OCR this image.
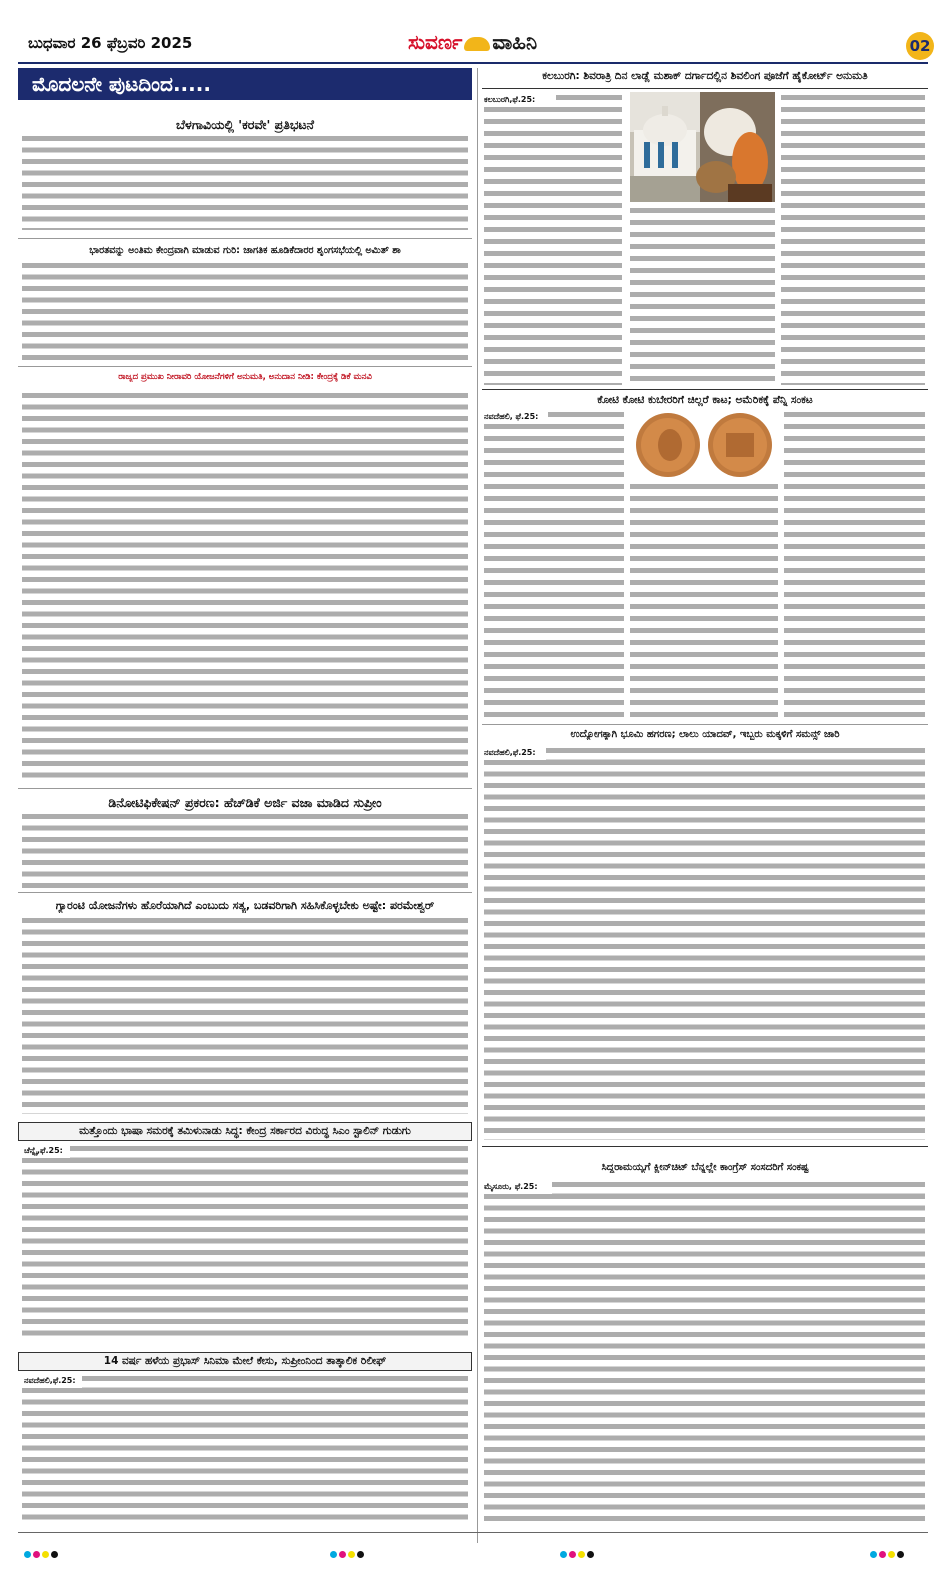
ಬುಧವಾರ 26 ಫೆಬ್ರವರಿ 2025	ಸುವರ್ಣ ವಾಹಿನಿ	02
ಮೊದಲನೇ ಪುಟದಿಂದ.....
ಬೆಳಗಾವಿಯಲ್ಲಿ 'ಕರವೇ' ಪ್ರತಿಭಟನೆ
ಭಾರತವನ್ನು ಅಂತಿಮ ಕೇಂದ್ರವಾಗಿ ಮಾಡುವ ಗುರಿ: ಜಾಗತಿಕ ಹೂಡಿಕೆದಾರರ ಶೃಂಗಸಭೆಯಲ್ಲಿ ಅಮಿತ್ ಶಾ
ರಾಜ್ಯದ ಪ್ರಮುಖ ನೀರಾವರಿ ಯೋಜನೆಗಳಿಗೆ ಅನುಮತಿ, ಅನುದಾನ ನೀಡಿ: ಕೇಂದ್ರಕ್ಕೆ ಡಿಕೆ ಮನವಿ
ಡಿನೋಟಿಫಿಕೇಷನ್ ಪ್ರಕರಣ: ಹೆಚ್‌ಡಿಕೆ ಅರ್ಜಿ ವಜಾ ಮಾಡಿದ ಸುಪ್ರೀಂ
ಗ್ಯಾರಂಟಿ ಯೋಜನೆಗಳು ಹೊರೆಯಾಗಿದೆ ಎಂಬುದು ಸತ್ಯ, ಬಡವರಿಗಾಗಿ ಸಹಿಸಿಕೊಳ್ಳಬೇಕು ಅಷ್ಟೇ: ಪರಮೇಶ್ವರ್
ಮತ್ತೊಂದು ಭಾಷಾ ಸಮರಕ್ಕೆ ತಮಿಳುನಾಡು ಸಿದ್ಧ: ಕೇಂದ್ರ ಸರ್ಕಾರದ ವಿರುದ್ಧ ಸಿಎಂ ಸ್ಟಾಲಿನ್ ಗುಡುಗು
ಚೆನ್ನೈ,ಫೆ.25:
14 ವರ್ಷ ಹಳೆಯ ಪ್ರಭಾಸ್ ಸಿನಿಮಾ ಮೇಲೆ ಕೇಸು, ಸುಪ್ರೀಂನಿಂದ ತಾತ್ಕಾಲಿಕ ರಿಲೀಫ್
ನವದೆಹಲಿ,ಫೆ.25:
ಕಲಬುರಗಿ: ಶಿವರಾತ್ರಿ ದಿನ ಲಾಡ್ಲೆ ಮಶಾಕ್ ದರ್ಗಾದಲ್ಲಿನ ಶಿವಲಿಂಗ ಪೂಜೆಗೆ ಹೈಕೋರ್ಟ್ ಅನುಮತಿ
ಕಲಬುರಗಿ,ಫೆ.25:
ಕೋಟಿ ಕೋಟಿ ಕುಬೇರರಿಗೆ ಚಿಲ್ಲರೆ ಕಾಟ; ಅಮೆರಿಕಕ್ಕೆ ಪೆನ್ನಿ ಸಂಕಟ
ನವದೆಹಲಿ, ಫೆ.25:
ಉದ್ಯೋಗಕ್ಕಾಗಿ ಭೂಮಿ ಹಗರಣ; ಲಾಲು ಯಾದವ್, ಇಬ್ಬರು ಮಕ್ಕಳಿಗೆ ಸಮನ್ಸ್ ಜಾರಿ
ನವದೆಹಲಿ,ಫೆ.25:
ಸಿದ್ದರಾಮಯ್ಯಗೆ ಕ್ಲೀನ್‌ಚಿಟ್ ಬೆನ್ನಲ್ಲೇ ಕಾಂಗ್ರೆಸ್ ಸಂಸದರಿಗೆ ಸಂಕಷ್ಟ
ಮೈಸೂರು, ಫೆ.25:
